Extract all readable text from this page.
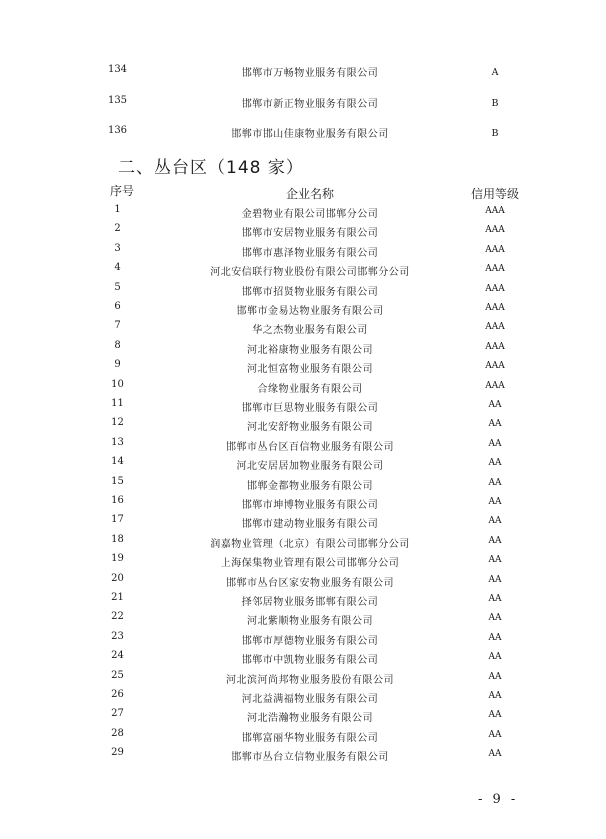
134	邯郸市万畅物业服务有限公司	A
135	邯郸市新正物业服务有限公司	B
136	邯郸市邯山佳康物业服务有限公司	B
二、丛台区（148 家）
序号	企业名称	信用等级
1	金碧物业有限公司邯郸分公司	AAA
2	邯郸市安居物业服务有限公司	AAA
3	邯郸市惠泽物业服务有限公司	AAA
4	河北安信联行物业股份有限公司邯郸分公司	AAA
5	邯郸市招贤物业服务有限公司	AAA
6	邯郸市金易达物业服务有限公司	AAA
7	华之杰物业服务有限公司	AAA
8	河北裕康物业服务有限公司	AAA
9	河北恒富物业服务有限公司	AAA
10	合缘物业服务有限公司	AAA
11	邯郸市巨思物业服务有限公司	AA
12	河北安舒物业服务有限公司	AA
13	邯郸市丛台区百信物业服务有限公司	AA
14	河北安居居加物业服务有限公司	AA
15	邯郸金都物业服务有限公司	AA
16	邯郸市坤博物业服务有限公司	AA
17	邯郸市建动物业服务有限公司	AA
18	润嘉物业管理（北京）有限公司邯郸分公司	AA
19	上海保集物业管理有限公司邯郸分公司	AA
20	邯郸市丛台区家安物业服务有限公司	AA
21	择邻居物业服务邯郸有限公司	AA
22	河北紫顺物业服务有限公司	AA
23	邯郸市厚德物业服务有限公司	AA
24	邯郸市中凯物业服务有限公司	AA
25	河北滨河尚邦物业服务股份有限公司	AA
26	河北益满福物业服务有限公司	AA
27	河北浩瀚物业服务有限公司	AA
28	邯郸富丽华物业服务有限公司	AA
29	邯郸市丛台立信物业服务有限公司	AA
- 9 -
